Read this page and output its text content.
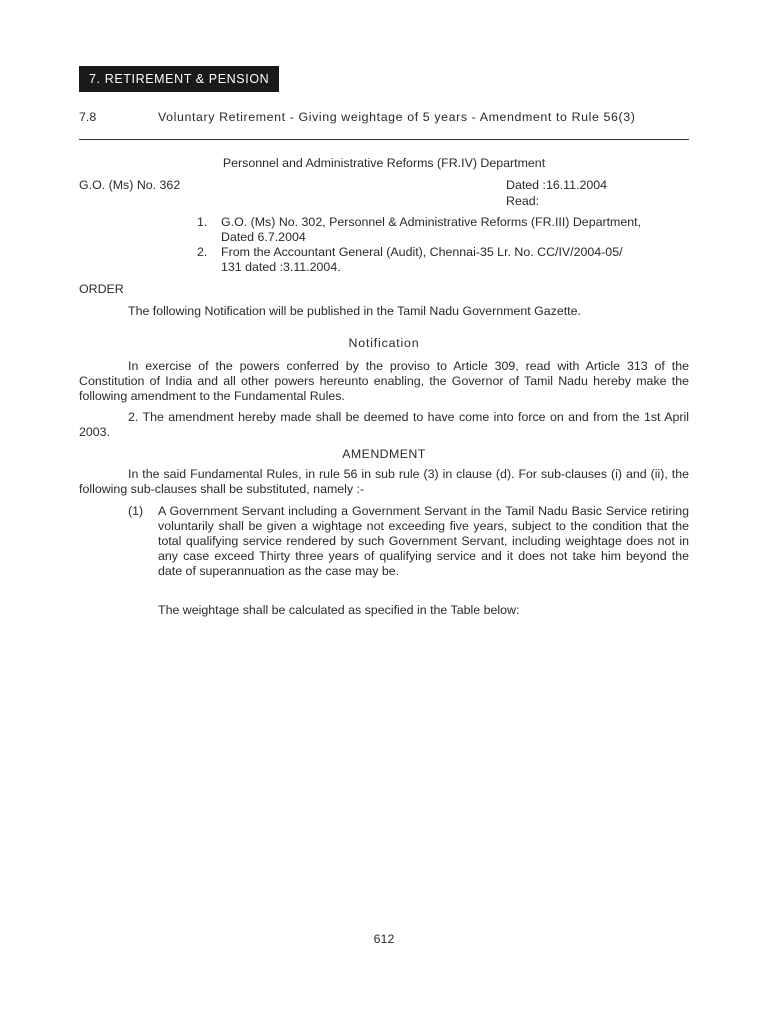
7. RETIREMENT & PENSION
7.8	Voluntary Retirement - Giving weightage of 5 years - Amendment to Rule 56(3)
Personnel and Administrative Reforms (FR.IV) Department
G.O. (Ms) No. 362	Dated :16.11.2004
Read:
1. G.O. (Ms) No. 302, Personnel & Administrative Reforms (FR.III) Department,
Dated 6.7.2004
2. From the Accountant General (Audit), Chennai-35 Lr. No. CC/IV/2004-05/
131 dated :3.11.2004.
ORDER
The following Notification will be published in the Tamil Nadu Government Gazette.
Notification
In exercise of the powers conferred by the proviso to Article 309, read with Article 313 of the Constitution of India and all other powers hereunto enabling, the Governor of Tamil Nadu hereby make the following amendment to the Fundamental Rules.
2. The amendment hereby made shall be deemed to have come into force on and from the 1st April 2003.
AMENDMENT
In the said Fundamental Rules, in rule 56 in sub rule (3) in clause (d). For sub-clauses (i) and (ii), the following sub-clauses shall be substituted, namely :-
(1) A Government Servant including a Government Servant in the Tamil Nadu Basic Service retiring voluntarily shall be given a wightage not exceeding five years, subject to the condition that the total qualifying service rendered by such Government Servant, including weightage does not in any case exceed Thirty three years of qualifying service and it does not take him beyond the date of superannuation as the case may be.
The weightage shall be calculated as specified in the Table below:
612
